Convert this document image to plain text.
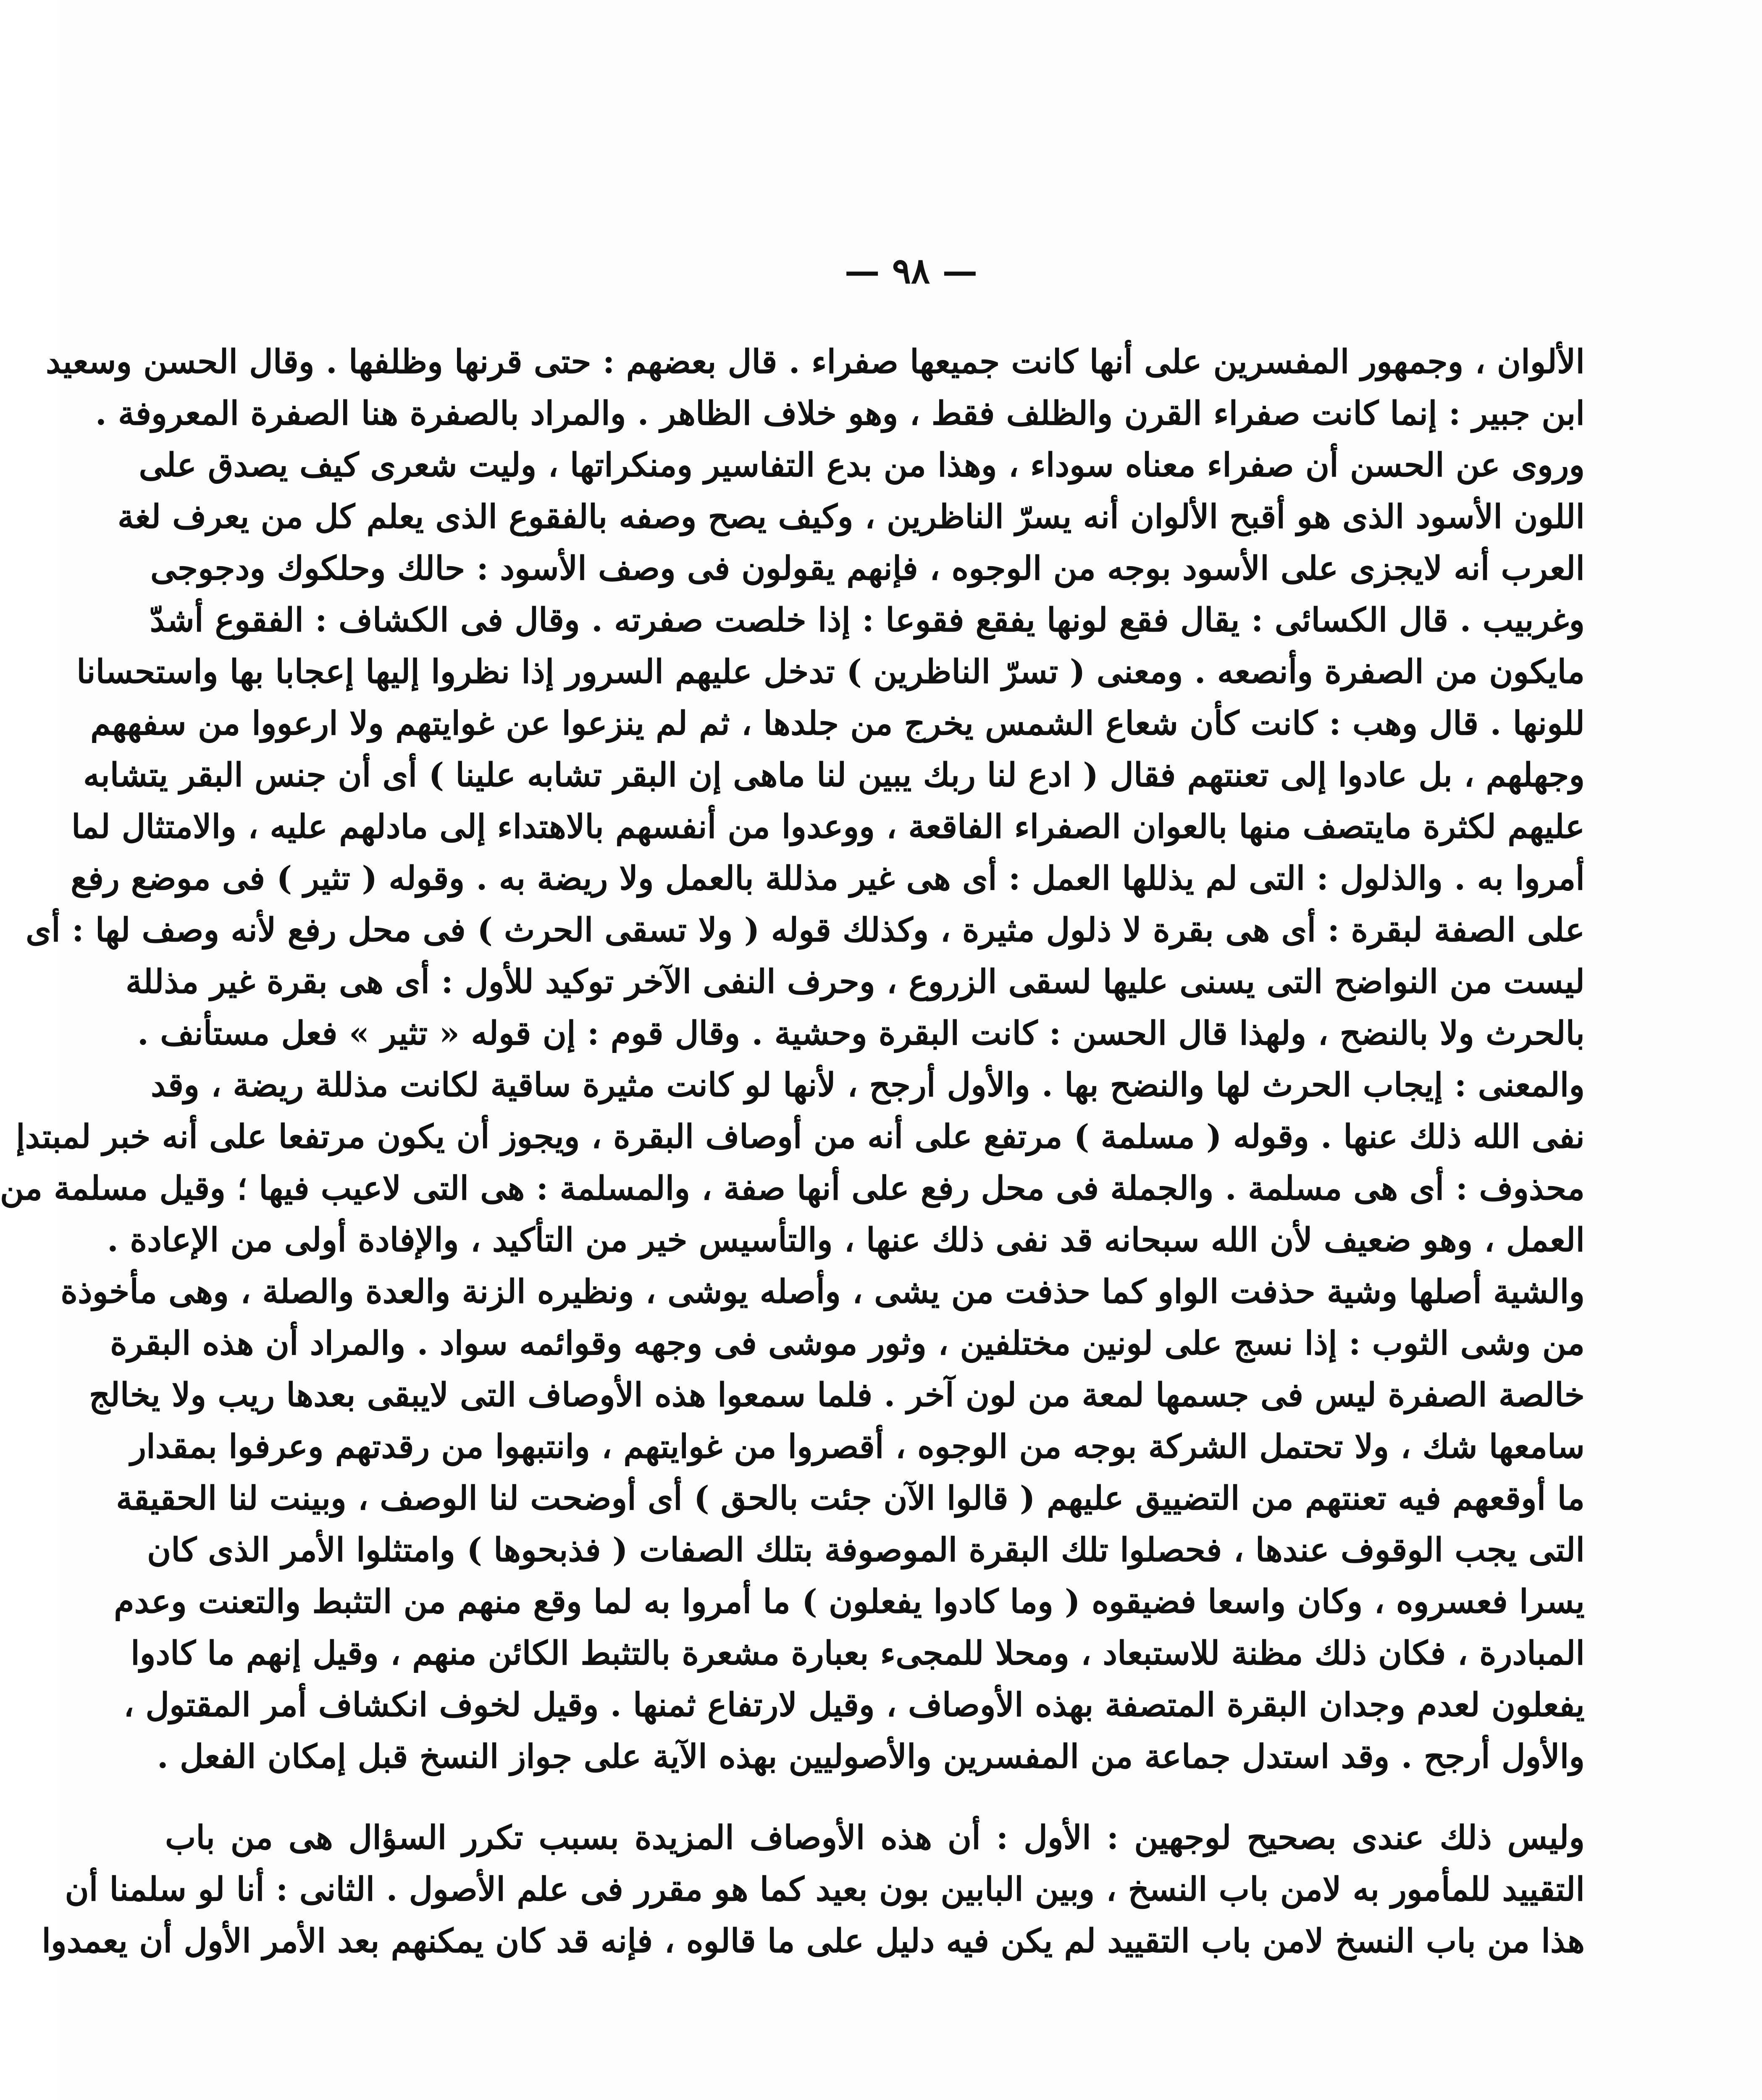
— ٩٨ —
الألوان ، وجمهور المفسرين على أنها كانت جميعها صفراء . قال بعضهم : حتى قرنها وظلفها . وقال الحسن وسعيد
ابن جبير : إنما كانت صفراء القرن والظلف فقط ، وهو خلاف الظاهر . والمراد بالصفرة هنا الصفرة المعروفة .
وروى عن الحسن أن صفراء معناه سوداء ، وهذا من بدع التفاسير ومنكراتها ، وليت شعرى كيف يصدق على
اللون الأسود الذى هو أقبح الألوان أنه يسرّ الناظرين ، وكيف يصح وصفه بالفقوع الذى يعلم كل من يعرف لغة
العرب أنه لايجزى على الأسود بوجه من الوجوه ، فإنهم يقولون فى وصف الأسود : حالك وحلكوك ودجوجى
وغربيب . قال الكسائى : يقال فقع لونها يفقع فقوعا : إذا خلصت صفرته . وقال فى الكشاف : الفقوع أشدّ
مايكون من الصفرة وأنصعه . ومعنى ( تسرّ الناظرين ) تدخل عليهم السرور إذا نظروا إليها إعجابا بها واستحسانا
للونها . قال وهب : كانت كأن شعاع الشمس يخرج من جلدها ، ثم لم ينزعوا عن غوايتهم ولا ارعووا من سفههم
وجهلهم ، بل عادوا إلى تعنتهم فقال ( ادع لنا ربك يبين لنا ماهى إن البقر تشابه علينا ) أى أن جنس البقر يتشابه
عليهم لكثرة مايتصف منها بالعوان الصفراء الفاقعة ، ووعدوا من أنفسهم بالاهتداء إلى مادلهم عليه ، والامتثال لما
أمروا به . والذلول : التى لم يذللها العمل : أى هى غير مذللة بالعمل ولا ريضة به . وقوله ( تثير ) فى موضع رفع
على الصفة لبقرة : أى هى بقرة لا ذلول مثيرة ، وكذلك قوله ( ولا تسقى الحرث ) فى محل رفع لأنه وصف لها : أى
ليست من النواضح التى يسنى عليها لسقى الزروع ، وحرف النفى الآخر توكيد للأول : أى هى بقرة غير مذللة
بالحرث ولا بالنضح ، ولهذا قال الحسن : كانت البقرة وحشية . وقال قوم : إن قوله « تثير » فعل مستأنف .
والمعنى : إيجاب الحرث لها والنضح بها . والأول أرجح ، لأنها لو كانت مثيرة ساقية لكانت مذللة ريضة ، وقد
نفى الله ذلك عنها . وقوله ( مسلمة ) مرتفع على أنه من أوصاف البقرة ، ويجوز أن يكون مرتفعا على أنه خبر لمبتدإ
محذوف : أى هى مسلمة . والجملة فى محل رفع على أنها صفة ، والمسلمة : هى التى لاعيب فيها ؛ وقيل مسلمة من
العمل ، وهو ضعيف لأن الله سبحانه قد نفى ذلك عنها ، والتأسيس خير من التأكيد ، والإفادة أولى من الإعادة .
والشية أصلها وشية حذفت الواو كما حذفت من يشى ، وأصله يوشى ، ونظيره الزنة والعدة والصلة ، وهى مأخوذة
من وشى الثوب : إذا نسج على لونين مختلفين ، وثور موشى فى وجهه وقوائمه سواد . والمراد أن هذه البقرة
خالصة الصفرة ليس فى جسمها لمعة من لون آخر . فلما سمعوا هذه الأوصاف التى لايبقى بعدها ريب ولا يخالج
سامعها شك ، ولا تحتمل الشركة بوجه من الوجوه ، أقصروا من غوايتهم ، وانتبهوا من رقدتهم وعرفوا بمقدار
ما أوقعهم فيه تعنتهم من التضييق عليهم ( قالوا الآن جئت بالحق ) أى أوضحت لنا الوصف ، وبينت لنا الحقيقة
التى يجب الوقوف عندها ، فحصلوا تلك البقرة الموصوفة بتلك الصفات ( فذبحوها ) وامتثلوا الأمر الذى كان
يسرا فعسروه ، وكان واسعا فضيقوه ( وما كادوا يفعلون ) ما أمروا به لما وقع منهم من التثبط والتعنت وعدم
المبادرة ، فكان ذلك مظنة للاستبعاد ، ومحلا للمجىء بعبارة مشعرة بالتثبط الكائن منهم ، وقيل إنهم ما كادوا
يفعلون لعدم وجدان البقرة المتصفة بهذه الأوصاف ، وقيل لارتفاع ثمنها . وقيل لخوف انكشاف أمر المقتول ،
والأول أرجح . وقد استدل جماعة من المفسرين والأصوليين بهذه الآية على جواز النسخ قبل إمكان الفعل .
وليس ذلك عندى بصحيح لوجهين : الأول : أن هذه الأوصاف المزيدة بسبب تكرر السؤال هى من باب
التقييد للمأمور به لامن باب النسخ ، وبين البابين بون بعيد كما هو مقرر فى علم الأصول . الثانى : أنا لو سلمنا أن
هذا من باب النسخ لامن باب التقييد لم يكن فيه دليل على ما قالوه ، فإنه قد كان يمكنهم بعد الأمر الأول أن يعمدوا
